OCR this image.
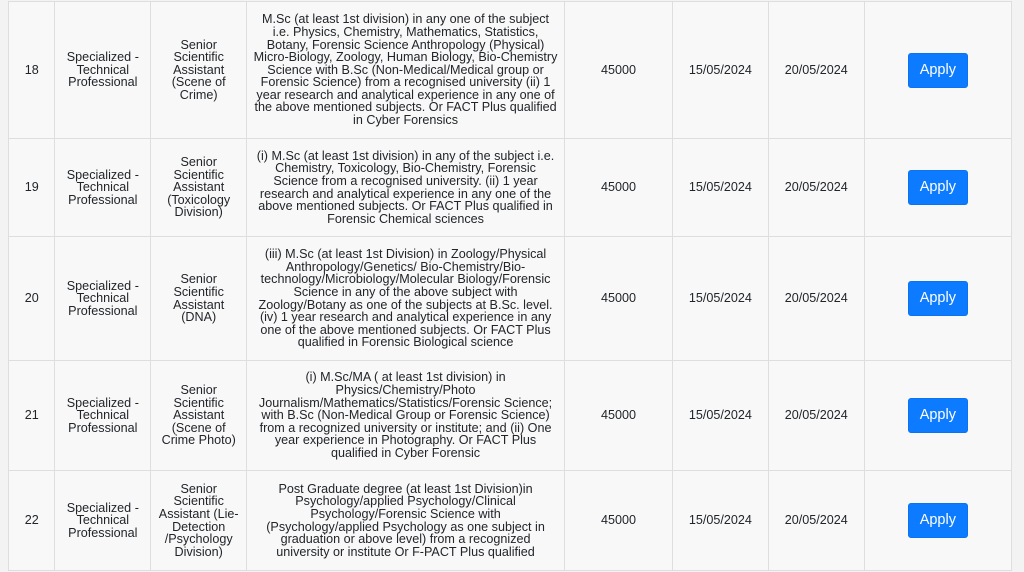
18	Specialized - Technical Professional	Senior Scientific Assistant (Scene of Crime)	M.Sc (at least 1st division) in any one of the subject i.e. Physics, Chemistry, Mathematics, Statistics, Botany, Forensic Science Anthropology (Physical) Micro-Biology, Zoology, Human Biology, Bio-Chemistry Science with B.Sc (Non-Medical/Medical group or Forensic Science) from a recognised university (ii) 1 year research and analytical experience in any one of the above mentioned subjects. Or FACT Plus qualified in Cyber Forensics	45000	15/05/2024	20/05/2024	Apply
19	Specialized - Technical Professional	Senior Scientific Assistant (Toxicology Division)	(i) M.Sc (at least 1st division) in any of the subject i.e. Chemistry, Toxicology, Bio-Chemistry, Forensic Science from a recognised university. (ii) 1 year research and analytical experience in any one of the above mentioned subjects. Or FACT Plus qualified in Forensic Chemical sciences	45000	15/05/2024	20/05/2024	Apply
20	Specialized - Technical Professional	Senior Scientific Assistant (DNA)	(iii) M.Sc (at least 1st Division) in Zoology/Physical Anthropology/Genetics/ Bio-Chemistry/Bio-technology/Microbiology/Molecular Biology/Forensic Science in any of the above subject with Zoology/Botany as one of the subjects at B.Sc. level. (iv) 1 year research and analytical experience in any one of the above mentioned subjects. Or FACT Plus qualified in Forensic Biological science	45000	15/05/2024	20/05/2024	Apply
21	Specialized - Technical Professional	Senior Scientific Assistant (Scene of Crime Photo)	(i) M.Sc/MA ( at least 1st division) in Physics/Chemistry/Photo Journalism/Mathematics/Statistics/Forensic Science; with B.Sc (Non-Medical Group or Forensic Science) from a recognized university or institute; and (ii) One year experience in Photography. Or FACT Plus qualified in Cyber Forensic	45000	15/05/2024	20/05/2024	Apply
22	Specialized - Technical Professional	Senior Scientific Assistant (Lie-Detection /Psychology Division)	Post Graduate degree (at least 1st Division)in Psychology/applied Psychology/Clinical Psychology/Forensic Science with (Psychology/applied Psychology as one subject in graduation or above level) from a recognized university or institute Or F-PACT Plus qualified	45000	15/05/2024	20/05/2024	Apply
